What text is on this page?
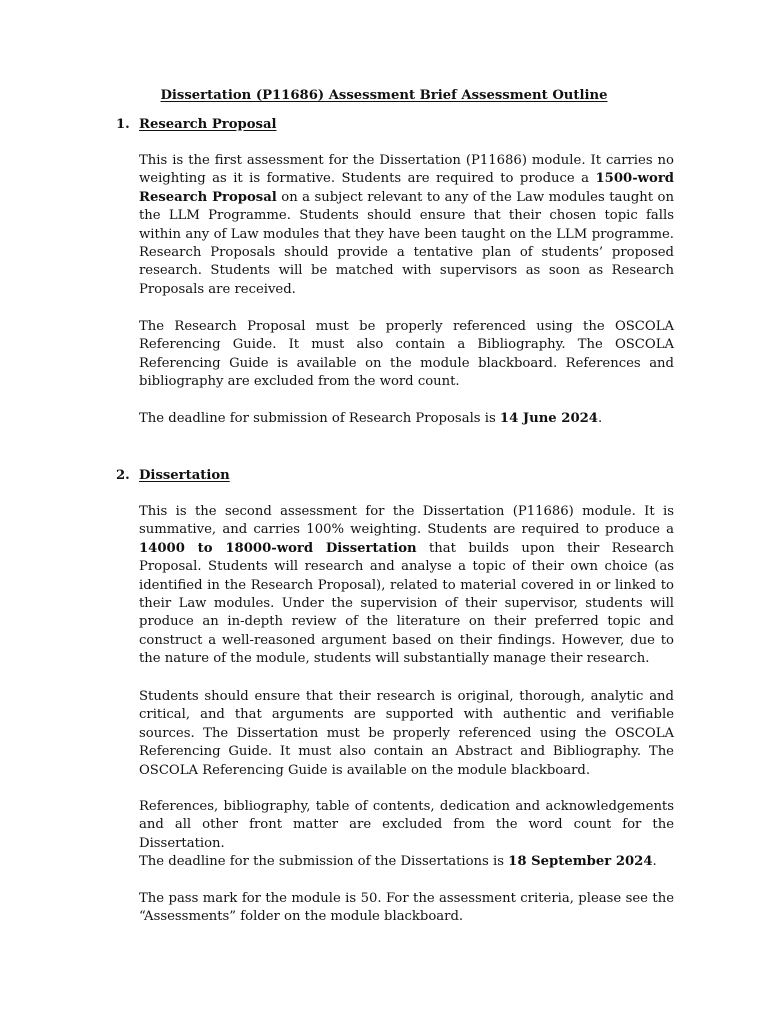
Dissertation (P11686) Assessment Brief Assessment Outline
1. Research Proposal

This is the first assessment for the Dissertation (P11686) module. It carries no weighting as it is formative. Students are required to produce a 1500-word Research Proposal on a subject relevant to any of the Law modules taught on the LLM Programme. Students should ensure that their chosen topic falls within any of Law modules that they have been taught on the LLM programme. Research Proposals should provide a tentative plan of students’ proposed research. Students will be matched with supervisors as soon as Research Proposals are received.

The Research Proposal must be properly referenced using the OSCOLA Referencing Guide. It must also contain a Bibliography. The OSCOLA Referencing Guide is available on the module blackboard. References and bibliography are excluded from the word count.

The deadline for submission of Research Proposals is 14 June 2024.

2. Dissertation

This is the second assessment for the Dissertation (P11686) module. It is summative, and carries 100% weighting. Students are required to produce a 14000 to 18000-word Dissertation that builds upon their Research Proposal. Students will research and analyse a topic of their own choice (as identified in the Research Proposal), related to material covered in or linked to their Law modules. Under the supervision of their supervisor, students will produce an in-depth review of the literature on their preferred topic and construct a well-reasoned argument based on their findings. However, due to the nature of the module, students will substantially manage their research.

Students should ensure that their research is original, thorough, analytic and critical, and that arguments are supported with authentic and verifiable sources. The Dissertation must be properly referenced using the OSCOLA Referencing Guide. It must also contain an Abstract and Bibliography. The OSCOLA Referencing Guide is available on the module blackboard.

References, bibliography, table of contents, dedication and acknowledgements and all other front matter are excluded from the word count for the Dissertation.

The deadline for the submission of the Dissertations is 18 September 2024.

The pass mark for the module is 50. For the assessment criteria, please see the “Assessments” folder on the module blackboard.
